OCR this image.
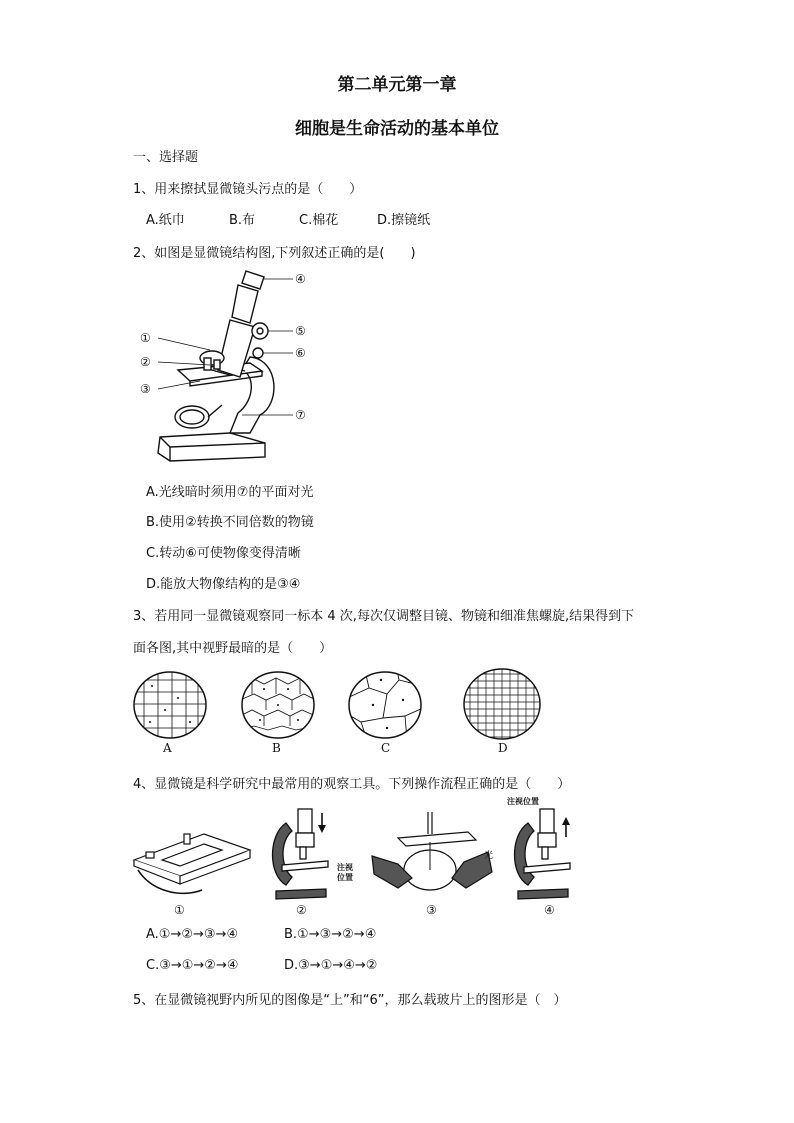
第二单元第一章
细胞是生命活动的基本单位
一、选择题
1、用来擦拭显微镜头污点的是（　　）
A.纸巾	B.布	C.棉花	D.擦镜纸
2、如图是显微镜结构图,下列叙述正确的是(　　)
①
②
③
④
⑤
⑥
⑦
A.光线暗时须用⑦的平面对光
B.使用②转换不同倍数的物镜
C.转动⑥可使物像变得清晰
D.能放大物像结构的是③④
3、若用同一显微镜观察同一标本 4 次,每次仅调整目镜、物镜和细准焦螺旋,结果得到下
面各图,其中视野最暗的是（　　）
A	B	C	D
4、显微镜是科学研究中最常用的观察工具。下列操作流程正确的是（　　）
注视
位置
光
注视位置
①	②	③	④
A.①→②→③→④	B.①→③→②→④
C.③→①→②→④	D.③→①→④→②
5、在显微镜视野内所见的图像是“上”和“6”，那么载玻片上的图形是（　）
